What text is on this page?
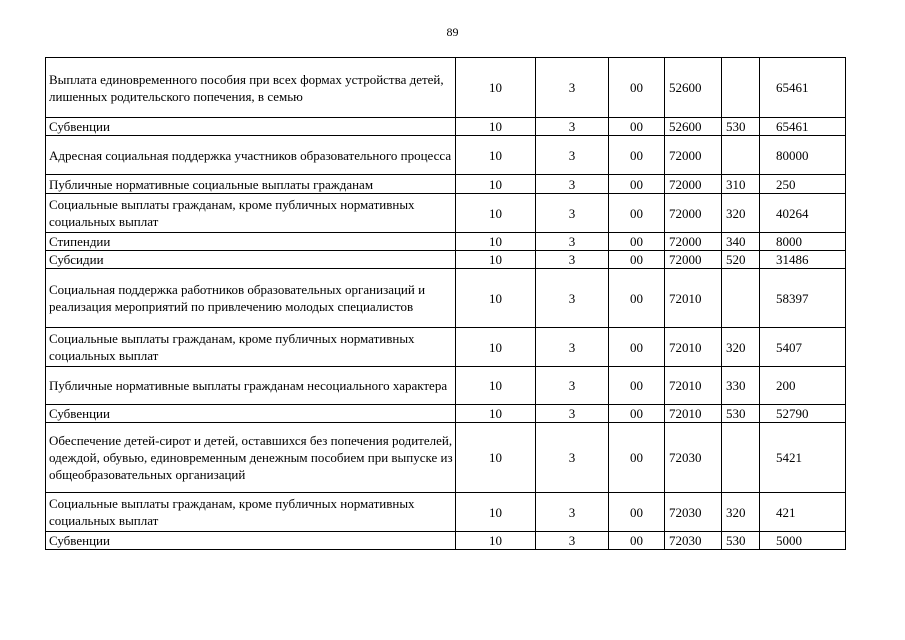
89
Выплата единовременного пособия при всех формах устройства детей, лишенных родительского попечения, в семью	10	3	00	52600		65461
Субвенции	10	3	00	52600	530	65461
Адресная социальная поддержка участников образовательного процесса	10	3	00	72000		80000
Публичные нормативные социальные выплаты гражданам	10	3	00	72000	310	250
Социальные выплаты гражданам, кроме публичных нормативных социальных выплат	10	3	00	72000	320	40264
Стипендии	10	3	00	72000	340	8000
Субсидии	10	3	00	72000	520	31486
Социальная поддержка работников образовательных организаций и реализация мероприятий по привлечению молодых специалистов	10	3	00	72010		58397
Социальные выплаты гражданам, кроме публичных нормативных социальных выплат	10	3	00	72010	320	5407
Публичные нормативные выплаты гражданам несоциального характера	10	3	00	72010	330	200
Субвенции	10	3	00	72010	530	52790
Обеспечение детей-сирот и детей, оставшихся без попечения родителей, одеждой, обувью, единовременным денежным пособием при выпуске из общеобразовательных организаций	10	3	00	72030		5421
Социальные выплаты гражданам, кроме публичных нормативных социальных выплат	10	3	00	72030	320	421
Субвенции	10	3	00	72030	530	5000
